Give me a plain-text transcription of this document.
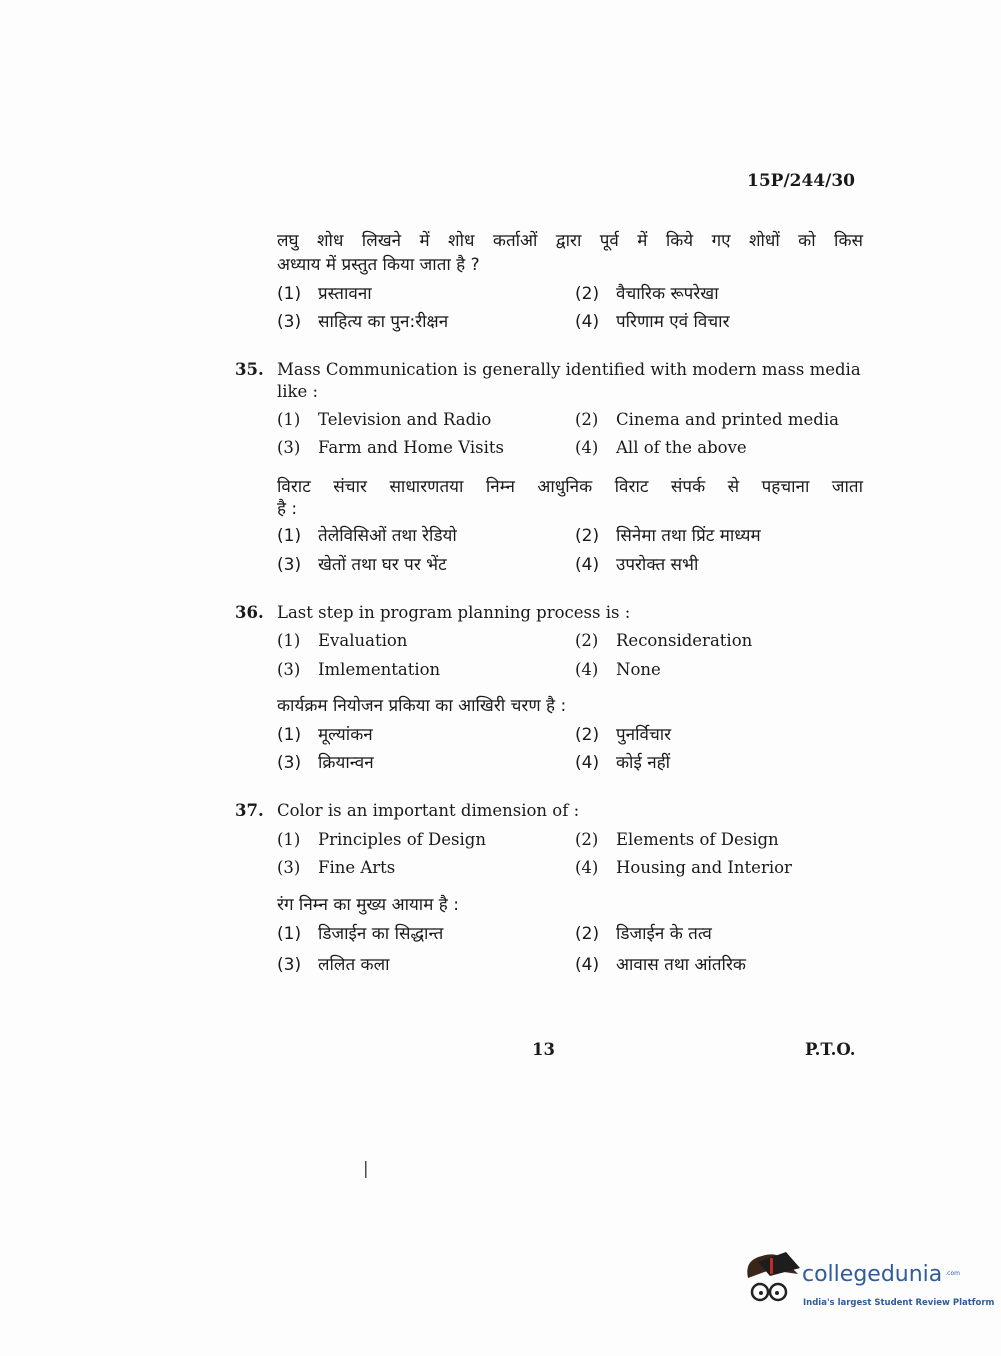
15P/244/30
लघु शोध लिखने में शोध कर्ताओं द्वारा पूर्व में किये गए शोधों को किस
अध्याय में प्रस्तुत किया जाता है ?
(1) प्रस्तावना	(2) वैचारिक रूपरेखा
(3) साहित्य का पुन:रीक्षन	(4) परिणाम एवं विचार
35. Mass Communication is generally identified with modern mass media
like :
(1) Television and Radio	(2) Cinema and printed media
(3) Farm and Home Visits	(4) All of the above
विराट संचार साधारणतया निम्न आधुनिक विराट संपर्क से पहचाना जाता
है :
(1) तेलेविसिओं तथा रेडियो	(2) सिनेमा तथा प्रिंट माध्यम
(3) खेतों तथा घर पर भेंट	(4) उपरोक्त सभी
36. Last step in program planning process is :
(1) Evaluation	(2) Reconsideration
(3) Imlementation	(4) None
कार्यक्रम नियोजन प्रकिया का आखिरी चरण है :
(1) मूल्यांकन	(2) पुनर्विचार
(3) क्रियान्वन	(4) कोई नहीं
37. Color is an important dimension of :
(1) Principles of Design	(2) Elements of Design
(3) Fine Arts	(4) Housing and Interior
रंग निम्न का मुख्य आयाम है :
(1) डिजाईन का सिद्धान्त	(2) डिजाईन के तत्व
(3) ललित कला	(4) आवास तथा आंतरिक
13	P.T.O.
|
collegedunia .com
India's largest Student Review Platform
